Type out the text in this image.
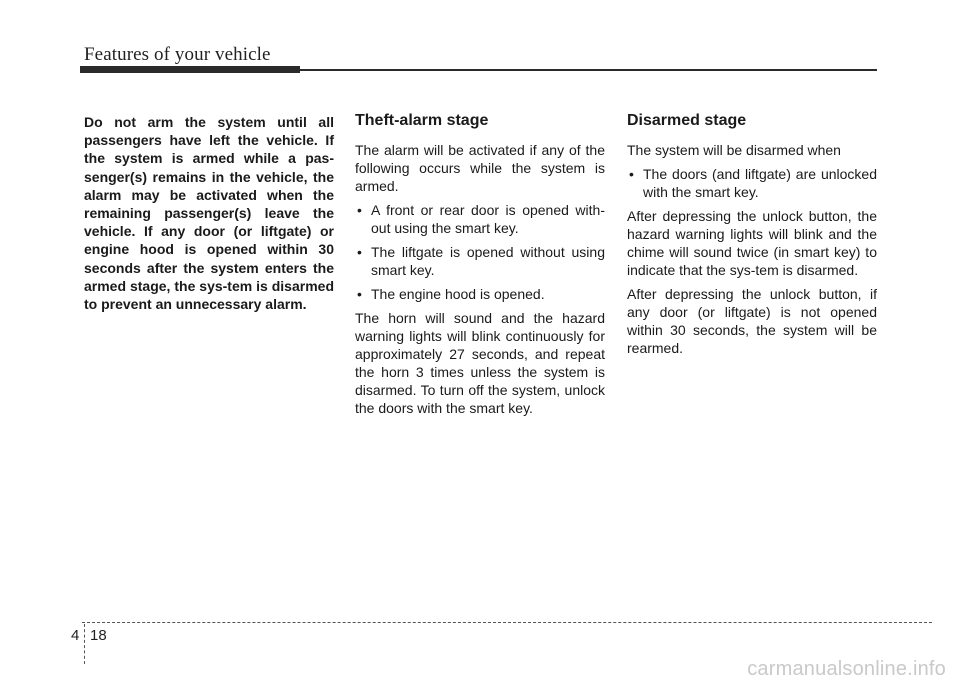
Features of your vehicle

Do not arm the system until all passengers have left the vehicle. If the system is armed while a pas-senger(s) remains in the vehicle, the alarm may be activated when the remaining passenger(s) leave the vehicle. If any door (or liftgate) or engine hood is opened within 30 seconds after the system enters the armed stage, the sys-tem is disarmed to prevent an unnecessary alarm.

Theft-alarm stage

The alarm will be activated if any of the following occurs while the system is armed.

• A front or rear door is opened with-out using the smart key.
• The liftgate is opened without using smart key.
• The engine hood is opened.

The horn will sound and the hazard warning lights will blink continuously for approximately 27 seconds, and repeat the horn 3 times unless the system is disarmed. To turn off the system, unlock the doors with the smart key.

Disarmed stage

The system will be disarmed when

• The doors (and liftgate) are unlocked with the smart key.

After depressing the unlock button, the hazard warning lights will blink and the chime will sound twice (in smart key) to indicate that the sys-tem is disarmed.

After depressing the unlock button, if any door (or liftgate) is not opened within 30 seconds, the system will be rearmed.

4 18
carmanualsonline.info
